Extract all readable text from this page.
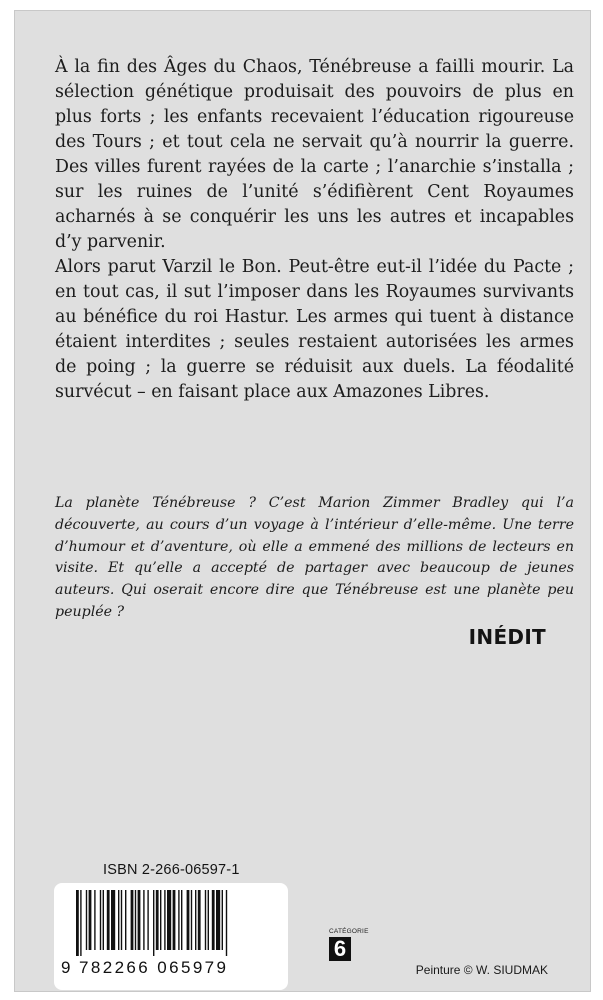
À la fin des Âges du Chaos, Ténébreuse a failli mourir. La sélection génétique produisait des pouvoirs de plus en plus forts ; les enfants recevaient l’éducation rigoureuse des Tours ; et tout cela ne servait qu’à nourrir la guerre. Des villes furent rayées de la carte ; l’anarchie s’installa ; sur les ruines de l’unité s’édifièrent Cent Royaumes acharnés à se conquérir les uns les autres et incapables d’y parvenir.

Alors parut Varzil le Bon. Peut-être eut-il l’idée du Pacte ; en tout cas, il sut l’imposer dans les Royaumes survivants au bénéfice du roi Hastur. Les armes qui tuent à distance étaient interdites ; seules restaient autorisées les armes de poing ; la guerre se réduisit aux duels. La féodalité survécut – en faisant place aux Amazones Libres.

La planète Ténébreuse ? C’est Marion Zimmer Bradley qui l’a découverte, au cours d’un voyage à l’intérieur d’elle-même. Une terre d’humour et d’aventure, où elle a emmené des millions de lecteurs en visite. Et qu’elle a accepté de partager avec beaucoup de jeunes auteurs. Qui oserait encore dire que Ténébreuse est une planète peu peuplée ?

INÉDIT
ISBN 2-266-06597-1
9 782266 065979
CATÉGORIE
6
Peinture © W. SIUDMAK
